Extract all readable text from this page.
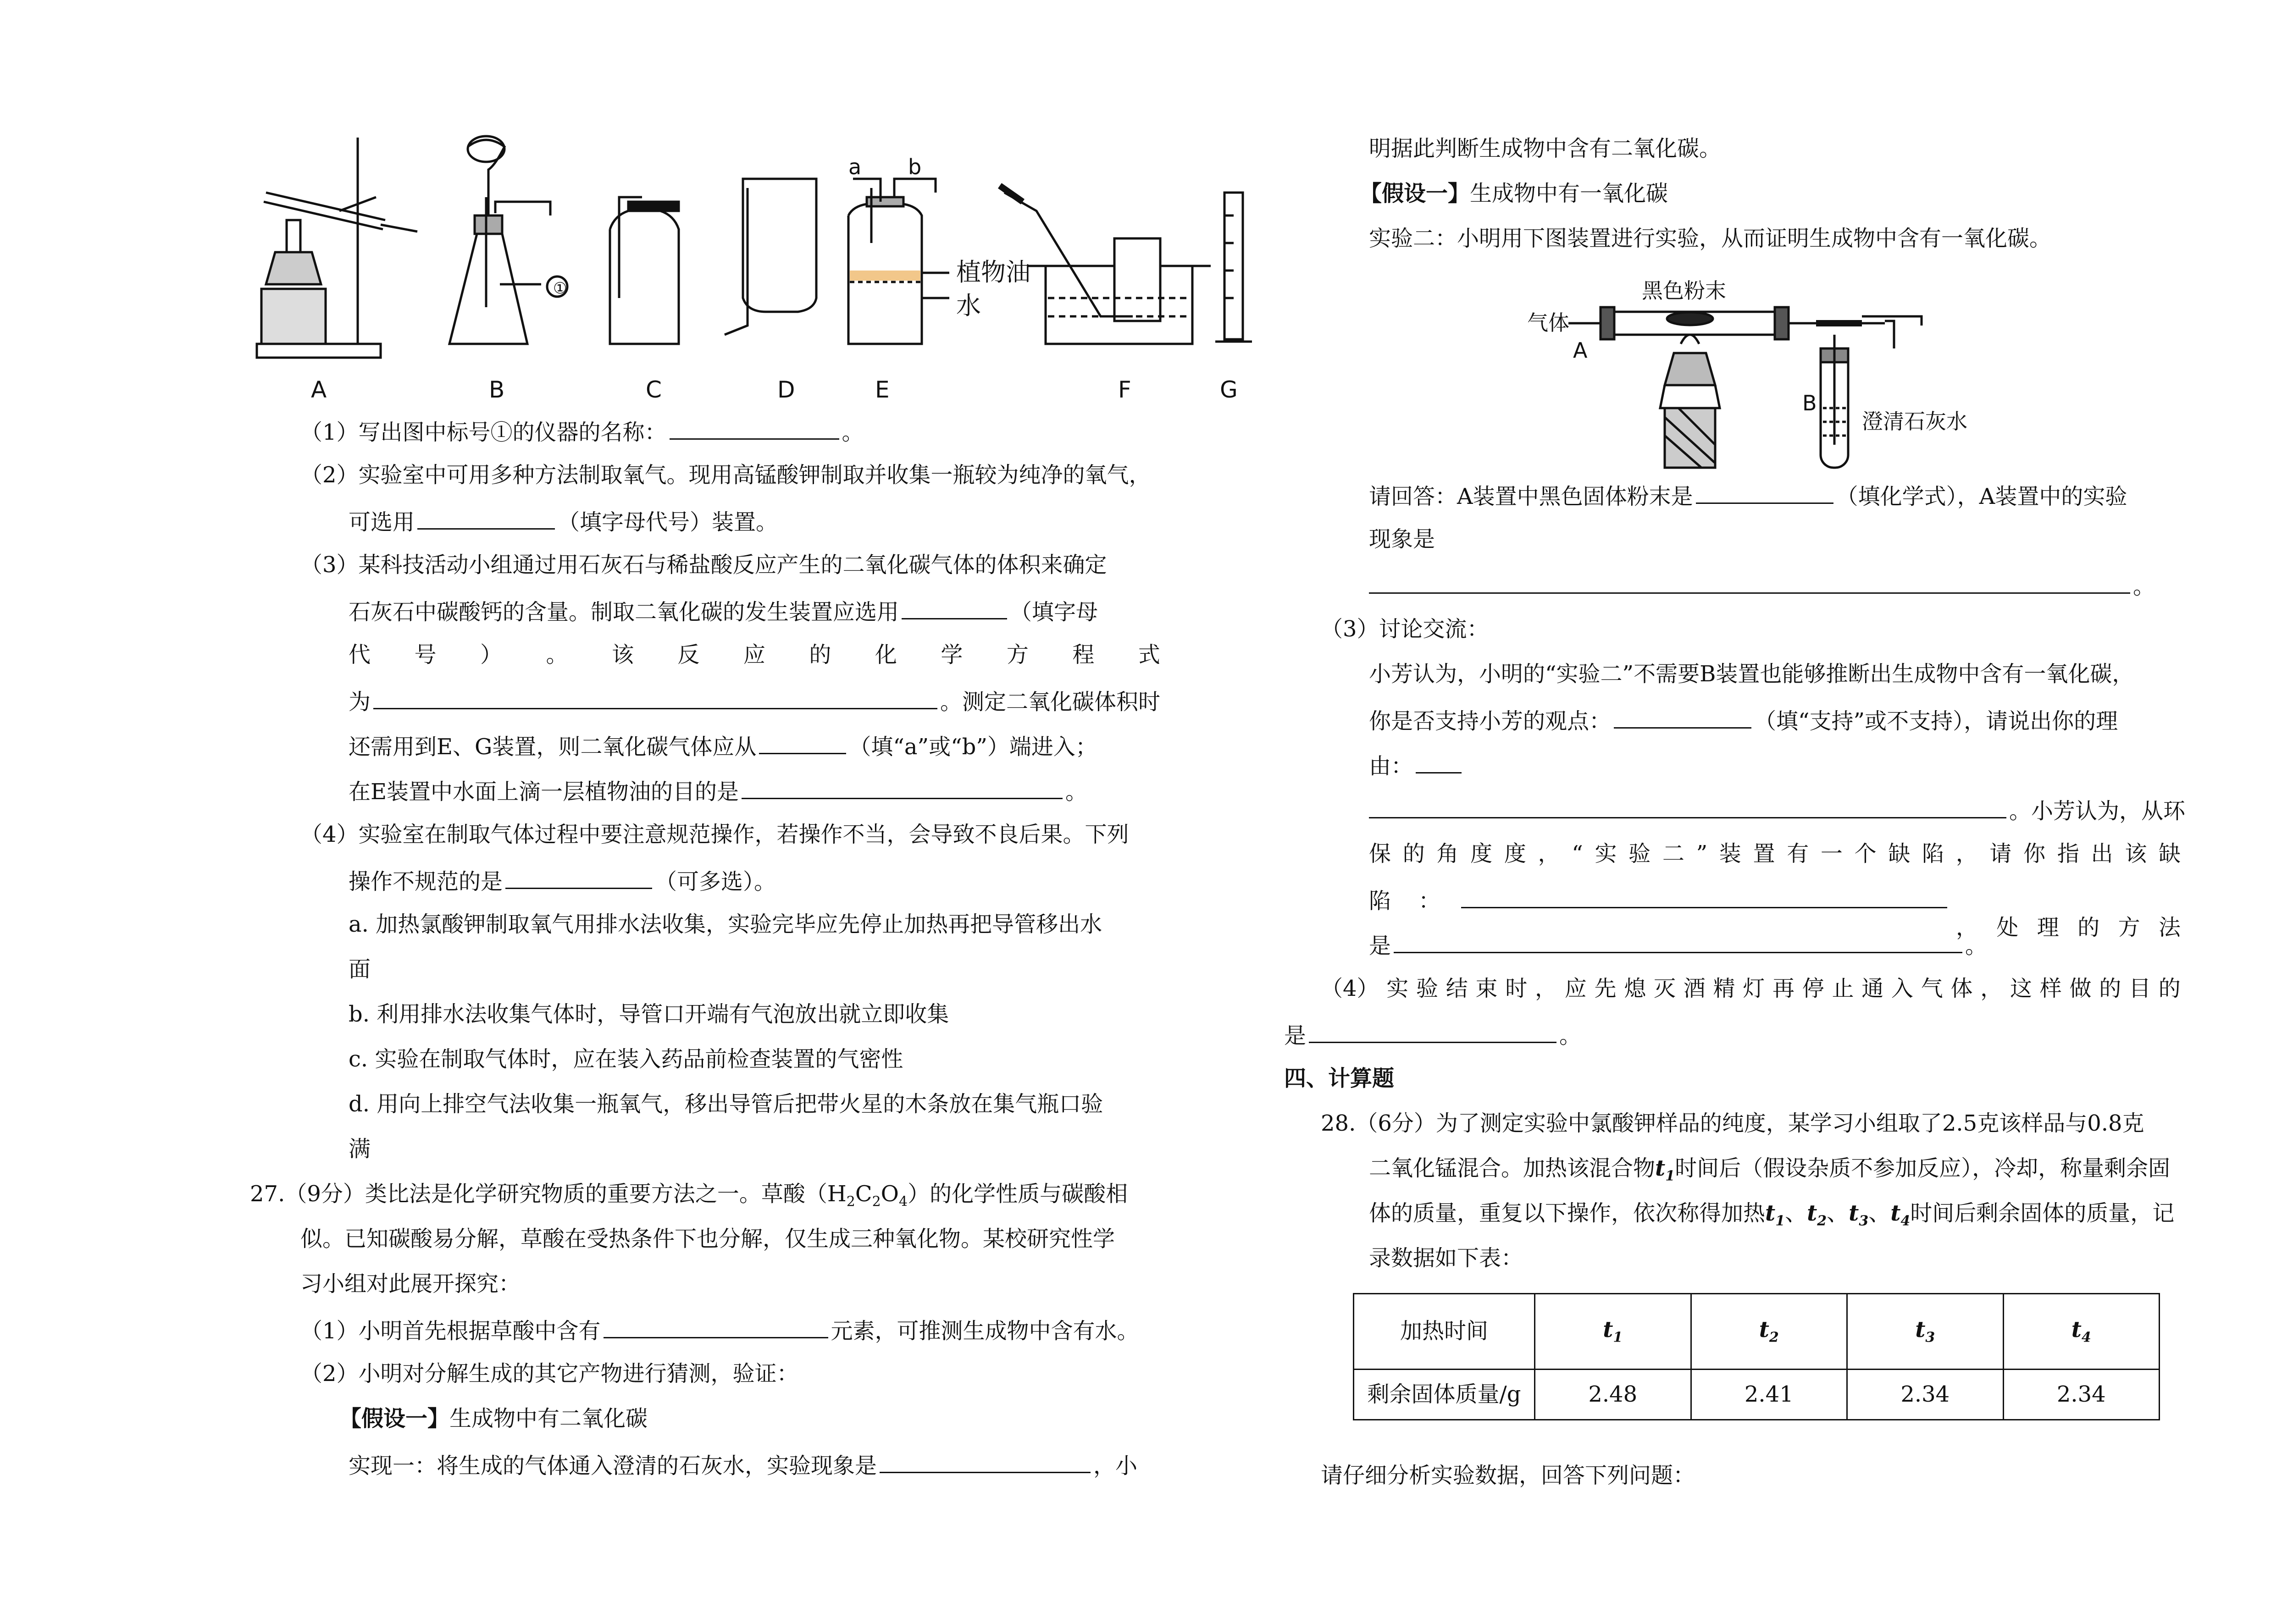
①
a b
植物油
水
A	B	C	D	E	F	G
（1）写出图中标号①的仪器的名称：	。
（2）实验室中可用多种方法制取氧气。现用高锰酸钾制取并收集一瓶较为纯净的氧气，
可选用	（填字母代号）装置。
（3）某科技活动小组通过用石灰石与稀盐酸反应产生的二氧化碳气体的体积来确定
石灰石中碳酸钙的含量。制取二氧化碳的发生装置应选用	（填字母
代 号 ） 。 该 反 应 的 化 学 方 程 式
为	。测定二氧化碳体积时
还需用到E、G装置，则二氧化碳气体应从	（填“a”或“b”）端进入；
在E装置中水面上滴一层植物油的目的是	。
（4）实验室在制取气体过程中要注意规范操作，若操作不当，会导致不良后果。下列
操作不规范的是	（可多选）。
a. 加热氯酸钾制取氧气用排水法收集，实验完毕应先停止加热再把导管移出水
面
b. 利用排水法收集气体时，导管口开端有气泡放出就立即收集
c. 实验在制取气体时，应在装入药品前检查装置的气密性
d. 用向上排空气法收集一瓶氧气，移出导管后把带火星的木条放在集气瓶口验
满
27.（9分）类比法是化学研究物质的重要方法之一。草酸$(H_2C_2O_4)$的化学性质与碳酸相
似。已知碳酸易分解，草酸在受热条件下也分解，仅生成三种氧化物。某校研究性学
习小组对此展开探究：
（1）小明首先根据草酸中含有	元素，可推测生成物中含有水。
（2）小明对分解生成的其它产物进行猜测，验证：
【假设一】生成物中有二氧化碳
实现一：将生成的气体通入澄清的石灰水，实验现象是	，小
明据此判断生成物中含有二氧化碳。
【假设一】生成物中有一氧化碳
实验二：小明用下图装置进行实验，从而证明生成物中含有一氧化碳。
黑色粉末
气体
A
B
澄清石灰水
请回答：A装置中黑色固体粉末是	（填化学式），A装置中的实验
现象是
。
（3）讨论交流：
小芳认为，小明的“实验二”不需要B装置也能够推断出生成物中含有一氧化碳，
你是否支持小芳的观点：	（填“支持”或不支持），请说出你的理
由：
。小芳认为，从环
保 的 角 度 度 ， “ 实 验 二 ” 装 置 有 一 个 缺 陷 ， 请 你 指 出 该 缺
陷 ：
， 处 理 的 方 法
是	。
（4） 实 验 结 束 时 ， 应 先 熄 灭 酒 精 灯 再 停 止 通 入 气 体 ， 这 样 做 的 目 的
是	。
四、计算题
28.（6分）为了测定实验中氯酸钾样品的纯度，某学习小组取了2.5克该样品与0.8克
二氧化锰混合。加热该混合物$t_1$时间后（假设杂质不参加反应），冷却，称量剩余固
体的质量，重复以下操作，依次称得加热$t_1$、$t_2$、$t_3$、$t_4$时间后剩余固体的质量，记
录数据如下表：
加热时间	$t_1$	$t_2$	$t_3$	$t_4$
剩余固体质量/g	2.48	2.41	2.34	2.34
请仔细分析实验数据，回答下列问题：
